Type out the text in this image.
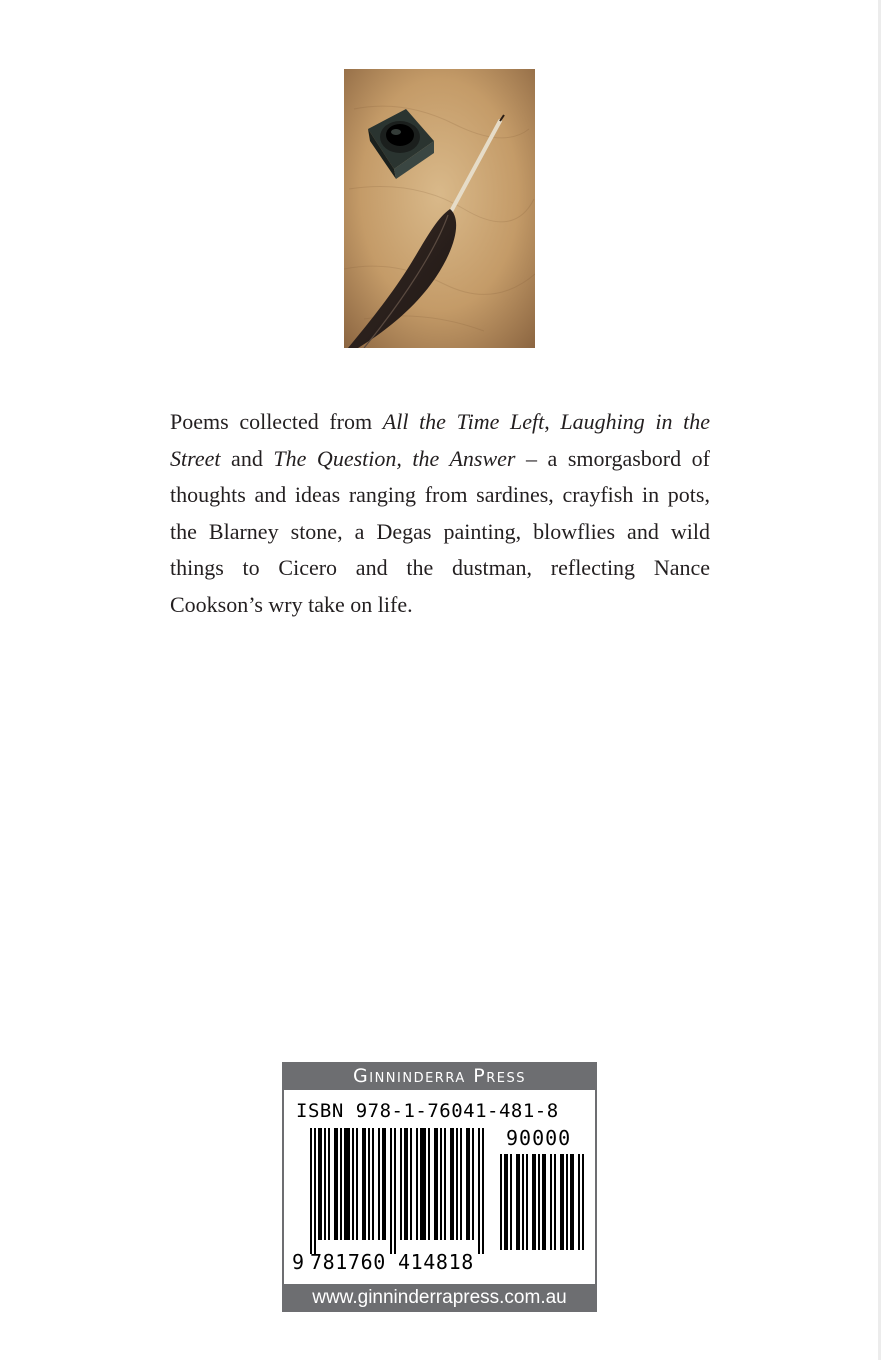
Poems collected from All the Time Left, Laughing in the Street and The Question, the Answer – a smorgasbord of thoughts and ideas ranging from sardines, crayfish in pots, the Blarney stone, a Degas painting, blowflies and wild things to Cicero and the dustman, reflecting Nance Cookson’s wry take on life.

Ginninderra Press
ISBN 978-1-76041-481-8
90000
9 781760 414818
www.ginninderrapress.com.au
